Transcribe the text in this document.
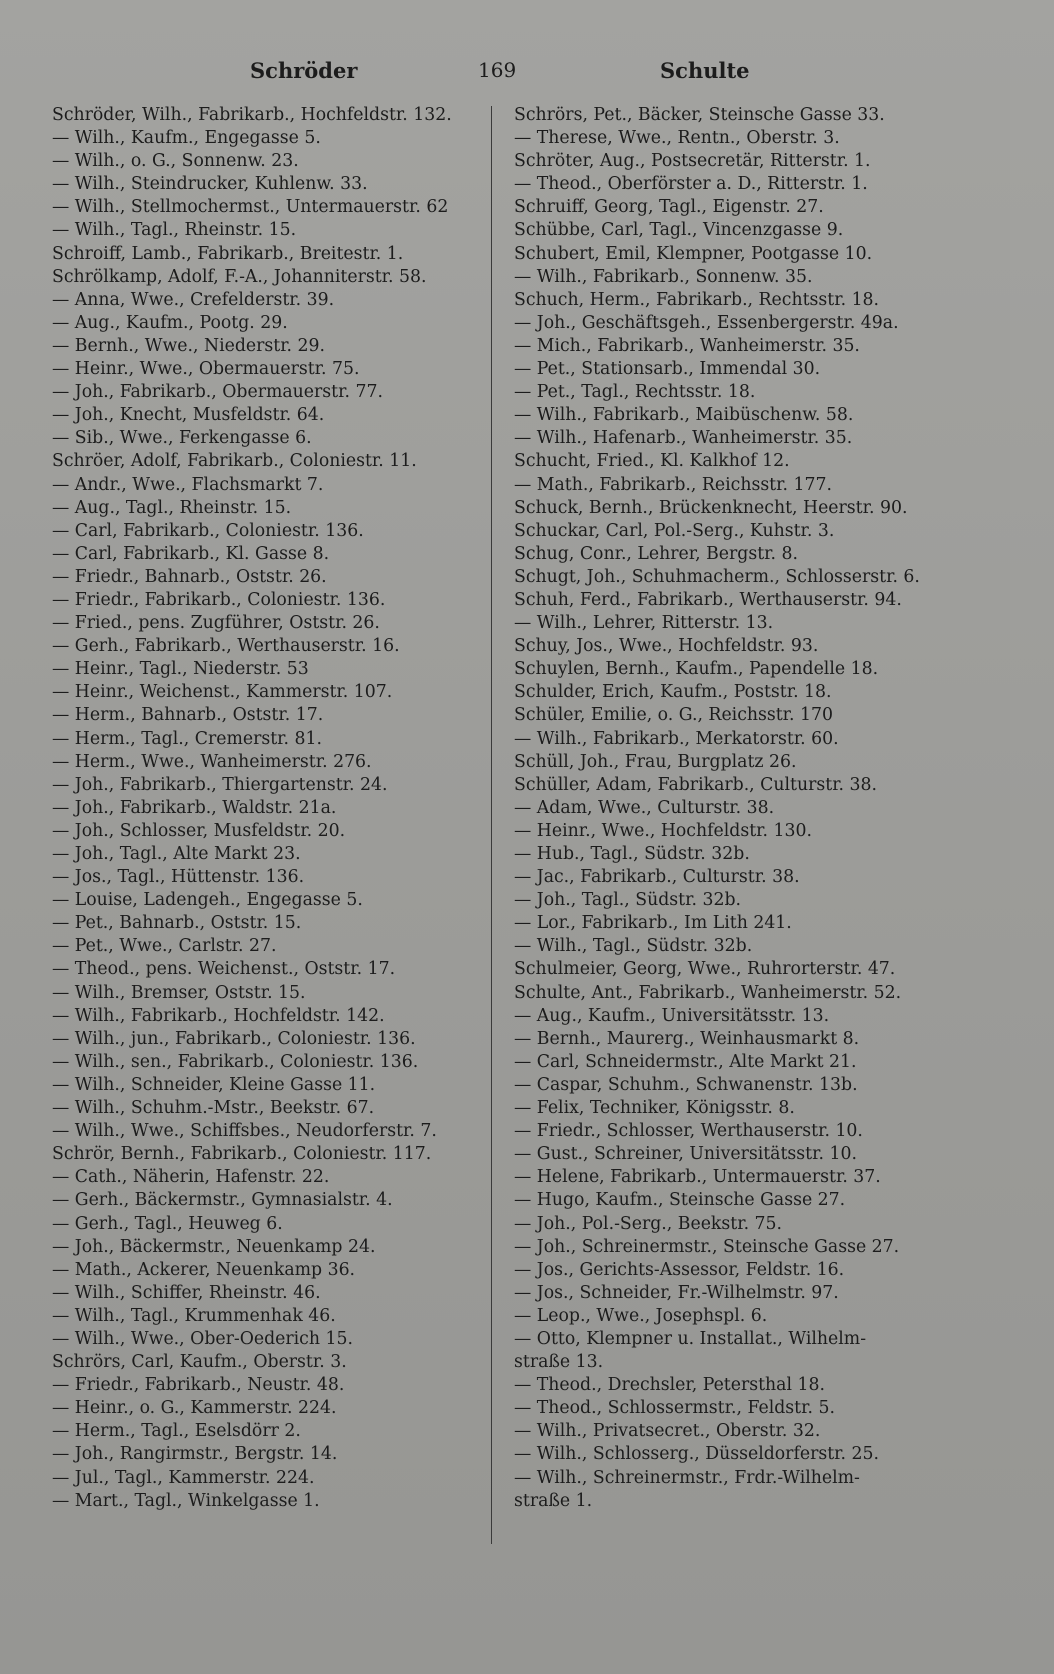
Schröder	169	Schulte
Schröder, Wilh., Fabrikarb., Hochfeldstr. 132.
— Wilh., Kaufm., Engegasse 5.
— Wilh., o. G., Sonnenw. 23.
— Wilh., Steindrucker, Kuhlenw. 33.
— Wilh., Stellmochermst., Untermauerstr. 62
— Wilh., Tagl., Rheinstr. 15.
Schroiff, Lamb., Fabrikarb., Breitestr. 1.
Schrölkamp, Adolf, F.-A., Johanniterstr. 58.
— Anna, Wwe., Crefelderstr. 39.
— Aug., Kaufm., Pootg. 29.
— Bernh., Wwe., Niederstr. 29.
— Heinr., Wwe., Obermauerstr. 75.
— Joh., Fabrikarb., Obermauerstr. 77.
— Joh., Knecht, Musfeldstr. 64.
— Sib., Wwe., Ferkengasse 6.
Schröer, Adolf, Fabrikarb., Coloniestr. 11.
— Andr., Wwe., Flachsmarkt 7.
— Aug., Tagl., Rheinstr. 15.
— Carl, Fabrikarb., Coloniestr. 136.
— Carl, Fabrikarb., Kl. Gasse 8.
— Friedr., Bahnarb., Oststr. 26.
— Friedr., Fabrikarb., Coloniestr. 136.
— Fried., pens. Zugführer, Oststr. 26.
— Gerh., Fabrikarb., Werthauserstr. 16.
— Heinr., Tagl., Niederstr. 53
— Heinr., Weichenst., Kammerstr. 107.
— Herm., Bahnarb., Oststr. 17.
— Herm., Tagl., Cremerstr. 81.
— Herm., Wwe., Wanheimerstr. 276.
— Joh., Fabrikarb., Thiergartenstr. 24.
— Joh., Fabrikarb., Waldstr. 21a.
— Joh., Schlosser, Musfeldstr. 20.
— Joh., Tagl., Alte Markt 23.
— Jos., Tagl., Hüttenstr. 136.
— Louise, Ladengeh., Engegasse 5.
— Pet., Bahnarb., Oststr. 15.
— Pet., Wwe., Carlstr. 27.
— Theod., pens. Weichenst., Oststr. 17.
— Wilh., Bremser, Oststr. 15.
— Wilh., Fabrikarb., Hochfeldstr. 142.
— Wilh., jun., Fabrikarb., Coloniestr. 136.
— Wilh., sen., Fabrikarb., Coloniestr. 136.
— Wilh., Schneider, Kleine Gasse 11.
— Wilh., Schuhm.-Mstr., Beekstr. 67.
— Wilh., Wwe., Schiffsbes., Neudorferstr. 7.
Schrör, Bernh., Fabrikarb., Coloniestr. 117.
— Cath., Näherin, Hafenstr. 22.
— Gerh., Bäckermstr., Gymnasialstr. 4.
— Gerh., Tagl., Heuweg 6.
— Joh., Bäckermstr., Neuenkamp 24.
— Math., Ackerer, Neuenkamp 36.
— Wilh., Schiffer, Rheinstr. 46.
— Wilh., Tagl., Krummenhak 46.
— Wilh., Wwe., Ober-Oederich 15.
Schrörs, Carl, Kaufm., Oberstr. 3.
— Friedr., Fabrikarb., Neustr. 48.
— Heinr., o. G., Kammerstr. 224.
— Herm., Tagl., Eselsdörr 2.
— Joh., Rangirmstr., Bergstr. 14.
— Jul., Tagl., Kammerstr. 224.
— Mart., Tagl., Winkelgasse 1.
Schrörs, Pet., Bäcker, Steinsche Gasse 33.
— Therese, Wwe., Rentn., Oberstr. 3.
Schröter, Aug., Postsecretär, Ritterstr. 1.
— Theod., Oberförster a. D., Ritterstr. 1.
Schruiff, Georg, Tagl., Eigenstr. 27.
Schübbe, Carl, Tagl., Vincenzgasse 9.
Schubert, Emil, Klempner, Pootgasse 10.
— Wilh., Fabrikarb., Sonnenw. 35.
Schuch, Herm., Fabrikarb., Rechtsstr. 18.
— Joh., Geschäftsgeh., Essenbergerstr. 49a.
— Mich., Fabrikarb., Wanheimerstr. 35.
— Pet., Stationsarb., Immendal 30.
— Pet., Tagl., Rechtsstr. 18.
— Wilh., Fabrikarb., Maibüschenw. 58.
— Wilh., Hafenarb., Wanheimerstr. 35.
Schucht, Fried., Kl. Kalkhof 12.
— Math., Fabrikarb., Reichsstr. 177.
Schuck, Bernh., Brückenknecht, Heerstr. 90.
Schuckar, Carl, Pol.-Serg., Kuhstr. 3.
Schug, Conr., Lehrer, Bergstr. 8.
Schugt, Joh., Schuhmacherm., Schlosserstr. 6.
Schuh, Ferd., Fabrikarb., Werthauserstr. 94.
— Wilh., Lehrer, Ritterstr. 13.
Schuy, Jos., Wwe., Hochfeldstr. 93.
Schuylen, Bernh., Kaufm., Papendelle 18.
Schulder, Erich, Kaufm., Poststr. 18.
Schüler, Emilie, o. G., Reichsstr. 170
— Wilh., Fabrikarb., Merkatorstr. 60.
Schüll, Joh., Frau, Burgplatz 26.
Schüller, Adam, Fabrikarb., Culturstr. 38.
— Adam, Wwe., Culturstr. 38.
— Heinr., Wwe., Hochfeldstr. 130.
— Hub., Tagl., Südstr. 32b.
— Jac., Fabrikarb., Culturstr. 38.
— Joh., Tagl., Südstr. 32b.
— Lor., Fabrikarb., Im Lith 241.
— Wilh., Tagl., Südstr. 32b.
Schulmeier, Georg, Wwe., Ruhrorterstr. 47.
Schulte, Ant., Fabrikarb., Wanheimerstr. 52.
— Aug., Kaufm., Universitätsstr. 13.
— Bernh., Maurerg., Weinhausmarkt 8.
— Carl, Schneidermstr., Alte Markt 21.
— Caspar, Schuhm., Schwanenstr. 13b.
— Felix, Techniker, Königsstr. 8.
— Friedr., Schlosser, Werthauserstr. 10.
— Gust., Schreiner, Universitätsstr. 10.
— Helene, Fabrikarb., Untermauerstr. 37.
— Hugo, Kaufm., Steinsche Gasse 27.
— Joh., Pol.-Serg., Beekstr. 75.
— Joh., Schreinermstr., Steinsche Gasse 27.
— Jos., Gerichts-Assessor, Feldstr. 16.
— Jos., Schneider, Fr.-Wilhelmstr. 97.
— Leop., Wwe., Josephspl. 6.
— Otto, Klempner u. Installat., Wilhelm-
straße 13.
— Theod., Drechsler, Petersthal 18.
— Theod., Schlossermstr., Feldstr. 5.
— Wilh., Privatsecret., Oberstr. 32.
— Wilh., Schlosserg., Düsseldorferstr. 25.
— Wilh., Schreinermstr., Frdr.-Wilhelm-
straße 1.
